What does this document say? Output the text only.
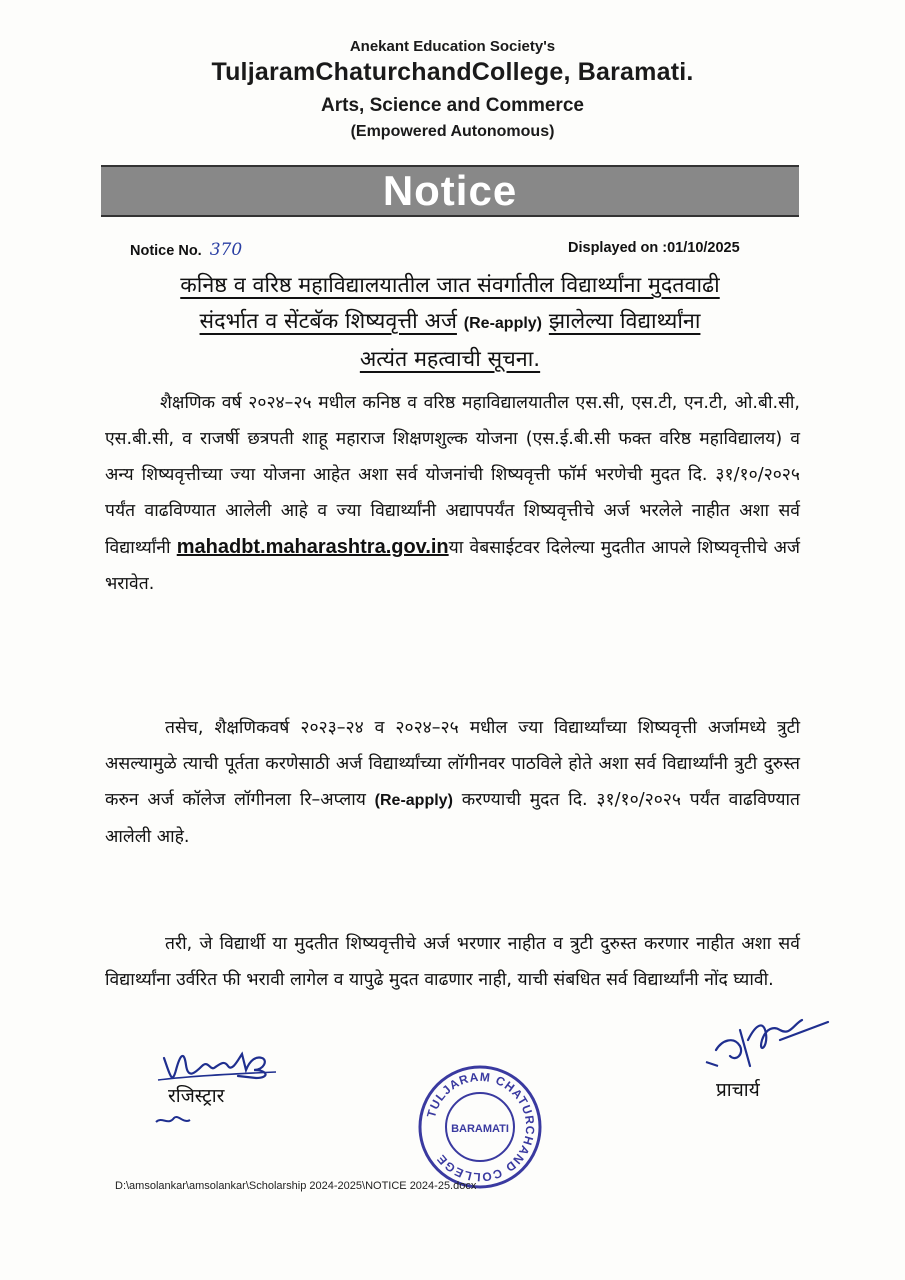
Anekant Education Society's
TuljaramChaturchandCollege, Baramati.
Arts, Science and Commerce
(Empowered Autonomous)
Notice
Notice No. 370	Displayed on :01/10/2025
कनिष्ठ व वरिष्ठ महाविद्यालयातील जात संवर्गातील विद्यार्थ्यांना मुदतवाढी
संदर्भात व सेंटबॅक शिष्यवृत्ती अर्ज (Re-apply) झालेल्या विद्यार्थ्यांना
अत्यंत महत्वाची सूचना.
शैक्षणिक वर्ष २०२४–२५ मधील कनिष्ठ व वरिष्ठ महाविद्यालयातील एस.सी, एस.टी, एन.टी, ओ.बी.सी, एस.बी.सी, व राजर्षी छत्रपती शाहू महाराज शिक्षणशुल्क योजना (एस.ई.बी.सी फक्त वरिष्ठ महाविद्यालय) व अन्य शिष्यवृत्तीच्या ज्या योजना आहेत अशा सर्व योजनांची शिष्यवृत्ती फॉर्म भरणेची मुदत दि. ३१/१०/२०२५ पर्यंत वाढविण्यात आलेली आहे व ज्या विद्यार्थ्यांनी अद्यापपर्यंत शिष्यवृत्तीचे अर्ज भरलेले नाहीत अशा सर्व विद्यार्थ्यांनी mahadbt.maharashtra.gov.inया वेबसाईटवर दिलेल्या मुदतीत आपले शिष्यवृत्तीचे अर्ज भरावेत.
तसेच, शैक्षणिकवर्ष २०२३–२४ व २०२४–२५ मधील ज्या विद्यार्थ्यांच्या शिष्यवृत्ती अर्जामध्ये त्रुटी असल्यामुळे त्याची पूर्तता करणेसाठी अर्ज विद्यार्थ्यांच्या लॉगीनवर पाठविले होते अशा सर्व विद्यार्थ्यांनी त्रुटी दुरुस्त करुन अर्ज कॉलेज लॉगीनला रि–अप्लाय (Re-apply) करण्याची मुदत दि. ३१/१०/२०२५ पर्यंत वाढविण्यात आलेली आहे.
तरी, जे विद्यार्थी या मुदतीत शिष्यवृत्तीचे अर्ज भरणार नाहीत व त्रुटी दुरुस्त करणार नाहीत अशा सर्व विद्यार्थ्यांना उर्वरित फी भरावी लागेल व यापुढे मुदत वाढणार नाही, याची संबधित सर्व विद्यार्थ्यांनी नोंद घ्यावी.
रजिस्ट्रार	प्राचार्य
TULJARAM CHATURCHAND COLLEGE
BARAMATI
D:\amsolankar\amsolankar\Scholarship 2024-2025\NOTICE 2024-25.docx
